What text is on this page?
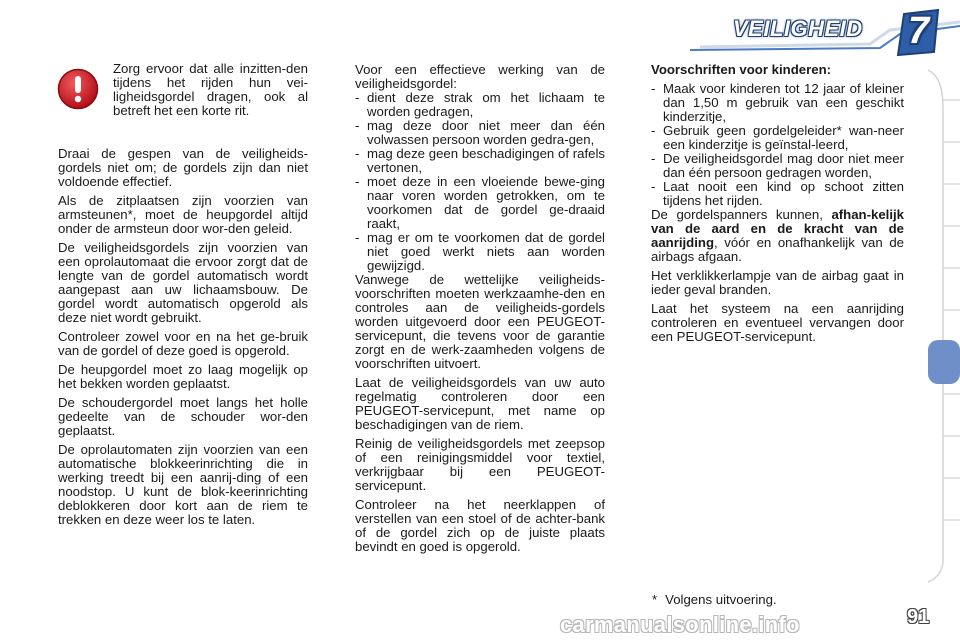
VEILIGHEID 7
Zorg ervoor dat alle inzitten-den tijdens het rijden hun vei-ligheidsgordel dragen, ook al betreft het een korte rit.

Draai de gespen van de veiligheids-gordels niet om; de gordels zijn dan niet voldoende effectief.

Als de zitplaatsen zijn voorzien van armsteunen*, moet de heupgordel altijd onder de armsteun door wor-den geleid.

De veiligheidsgordels zijn voorzien van een oprolautomaat die ervoor zorgt dat de lengte van de gordel automatisch wordt aangepast aan uw lichaamsbouw. De gordel wordt automatisch opgerold als deze niet wordt gebruikt.

Controleer zowel voor en na het ge-bruik van de gordel of deze goed is opgerold.

De heupgordel moet zo laag mogelijk op het bekken worden geplaatst.

De schoudergordel moet langs het holle gedeelte van de schouder wor-den geplaatst.

De oprolautomaten zijn voorzien van een automatische blokkeerinrichting die in werking treedt bij een aanrij-ding of een noodstop. U kunt de blok-keerinrichting deblokkeren door kort aan de riem te trekken en deze weer los te laten.

Voor een effectieve werking van de veiligheidsgordel:

- dient deze strak om het lichaam te worden gedragen,
- mag deze door niet meer dan één volwassen persoon worden gedra-gen,
- mag deze geen beschadigingen of rafels vertonen,
- moet deze in een vloeiende bewe-ging naar voren worden getrokken, om te voorkomen dat de gordel ge-draaid raakt,
- mag er om te voorkomen dat de gordel niet goed werkt niets aan worden gewijzigd.

Vanwege de wettelijke veiligheids-voorschriften moeten werkzaamhe-den en controles aan de veiligheids-gordels worden uitgevoerd door een PEUGEOT-servicepunt, die tevens voor de garantie zorgt en de werk-zaamheden volgens de voorschriften uitvoert.

Laat de veiligheidsgordels van uw auto regelmatig controleren door een PEUGEOT-servicepunt, met name op beschadigingen van de riem.

Reinig de veiligheidsgordels met zeepsop of een reinigingsmiddel voor textiel, verkrijgbaar bij een PEUGEOT-servicepunt.

Controleer na het neerklappen of verstellen van een stoel of de achter-bank of de gordel zich op de juiste plaats bevindt en goed is opgerold.

Voorschriften voor kinderen:

- Maak voor kinderen tot 12 jaar of kleiner dan 1,50 m gebruik van een geschikt kinderzitje,
- Gebruik geen gordelgeleider* wan-neer een kinderzitje is geïnstal-leerd,
- De veiligheidsgordel mag door niet meer dan één persoon gedragen worden,
- Laat nooit een kind op schoot zitten tijdens het rijden.

De gordelspanners kunnen, afhan-kelijk van de aard en de kracht van de aanrijding, vóór en onafhankelijk van de airbags afgaan.

Het verklikkerlampje van de airbag gaat in ieder geval branden.

Laat het systeem na een aanrijding controleren en eventueel vervangen door een PEUGEOT-servicepunt.

* Volgens uitvoering.
carmanualsonline.info	91
